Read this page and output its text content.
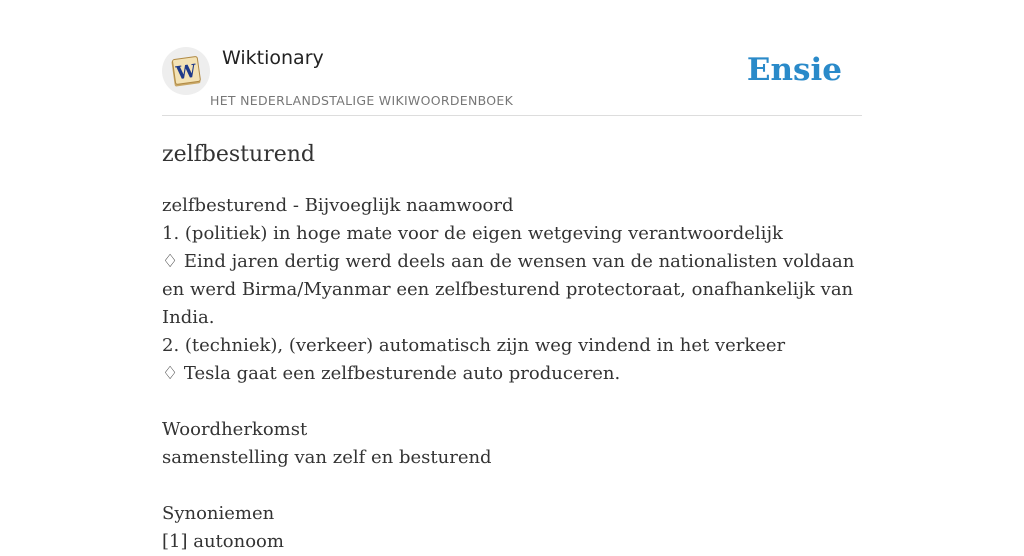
W
Wiktionary
HET NEDERLANDSTALIGE WIKIWOORDENBOEK
Ensie
zelfbesturend
zelfbesturend - Bijvoeglijk naamwoord
1. (politiek) in hoge mate voor de eigen wetgeving verantwoordelijk
♢ Eind jaren dertig werd deels aan de wensen van de nationalisten voldaan en werd Birma/Myanmar een zelfbesturend protectoraat, onafhankelijk van India.
2. (techniek), (verkeer) automatisch zijn weg vindend in het verkeer
♢ Tesla gaat een zelfbesturende auto produceren.
Woordherkomst
samenstelling van zelf en besturend
Synoniemen
[1] autonoom
